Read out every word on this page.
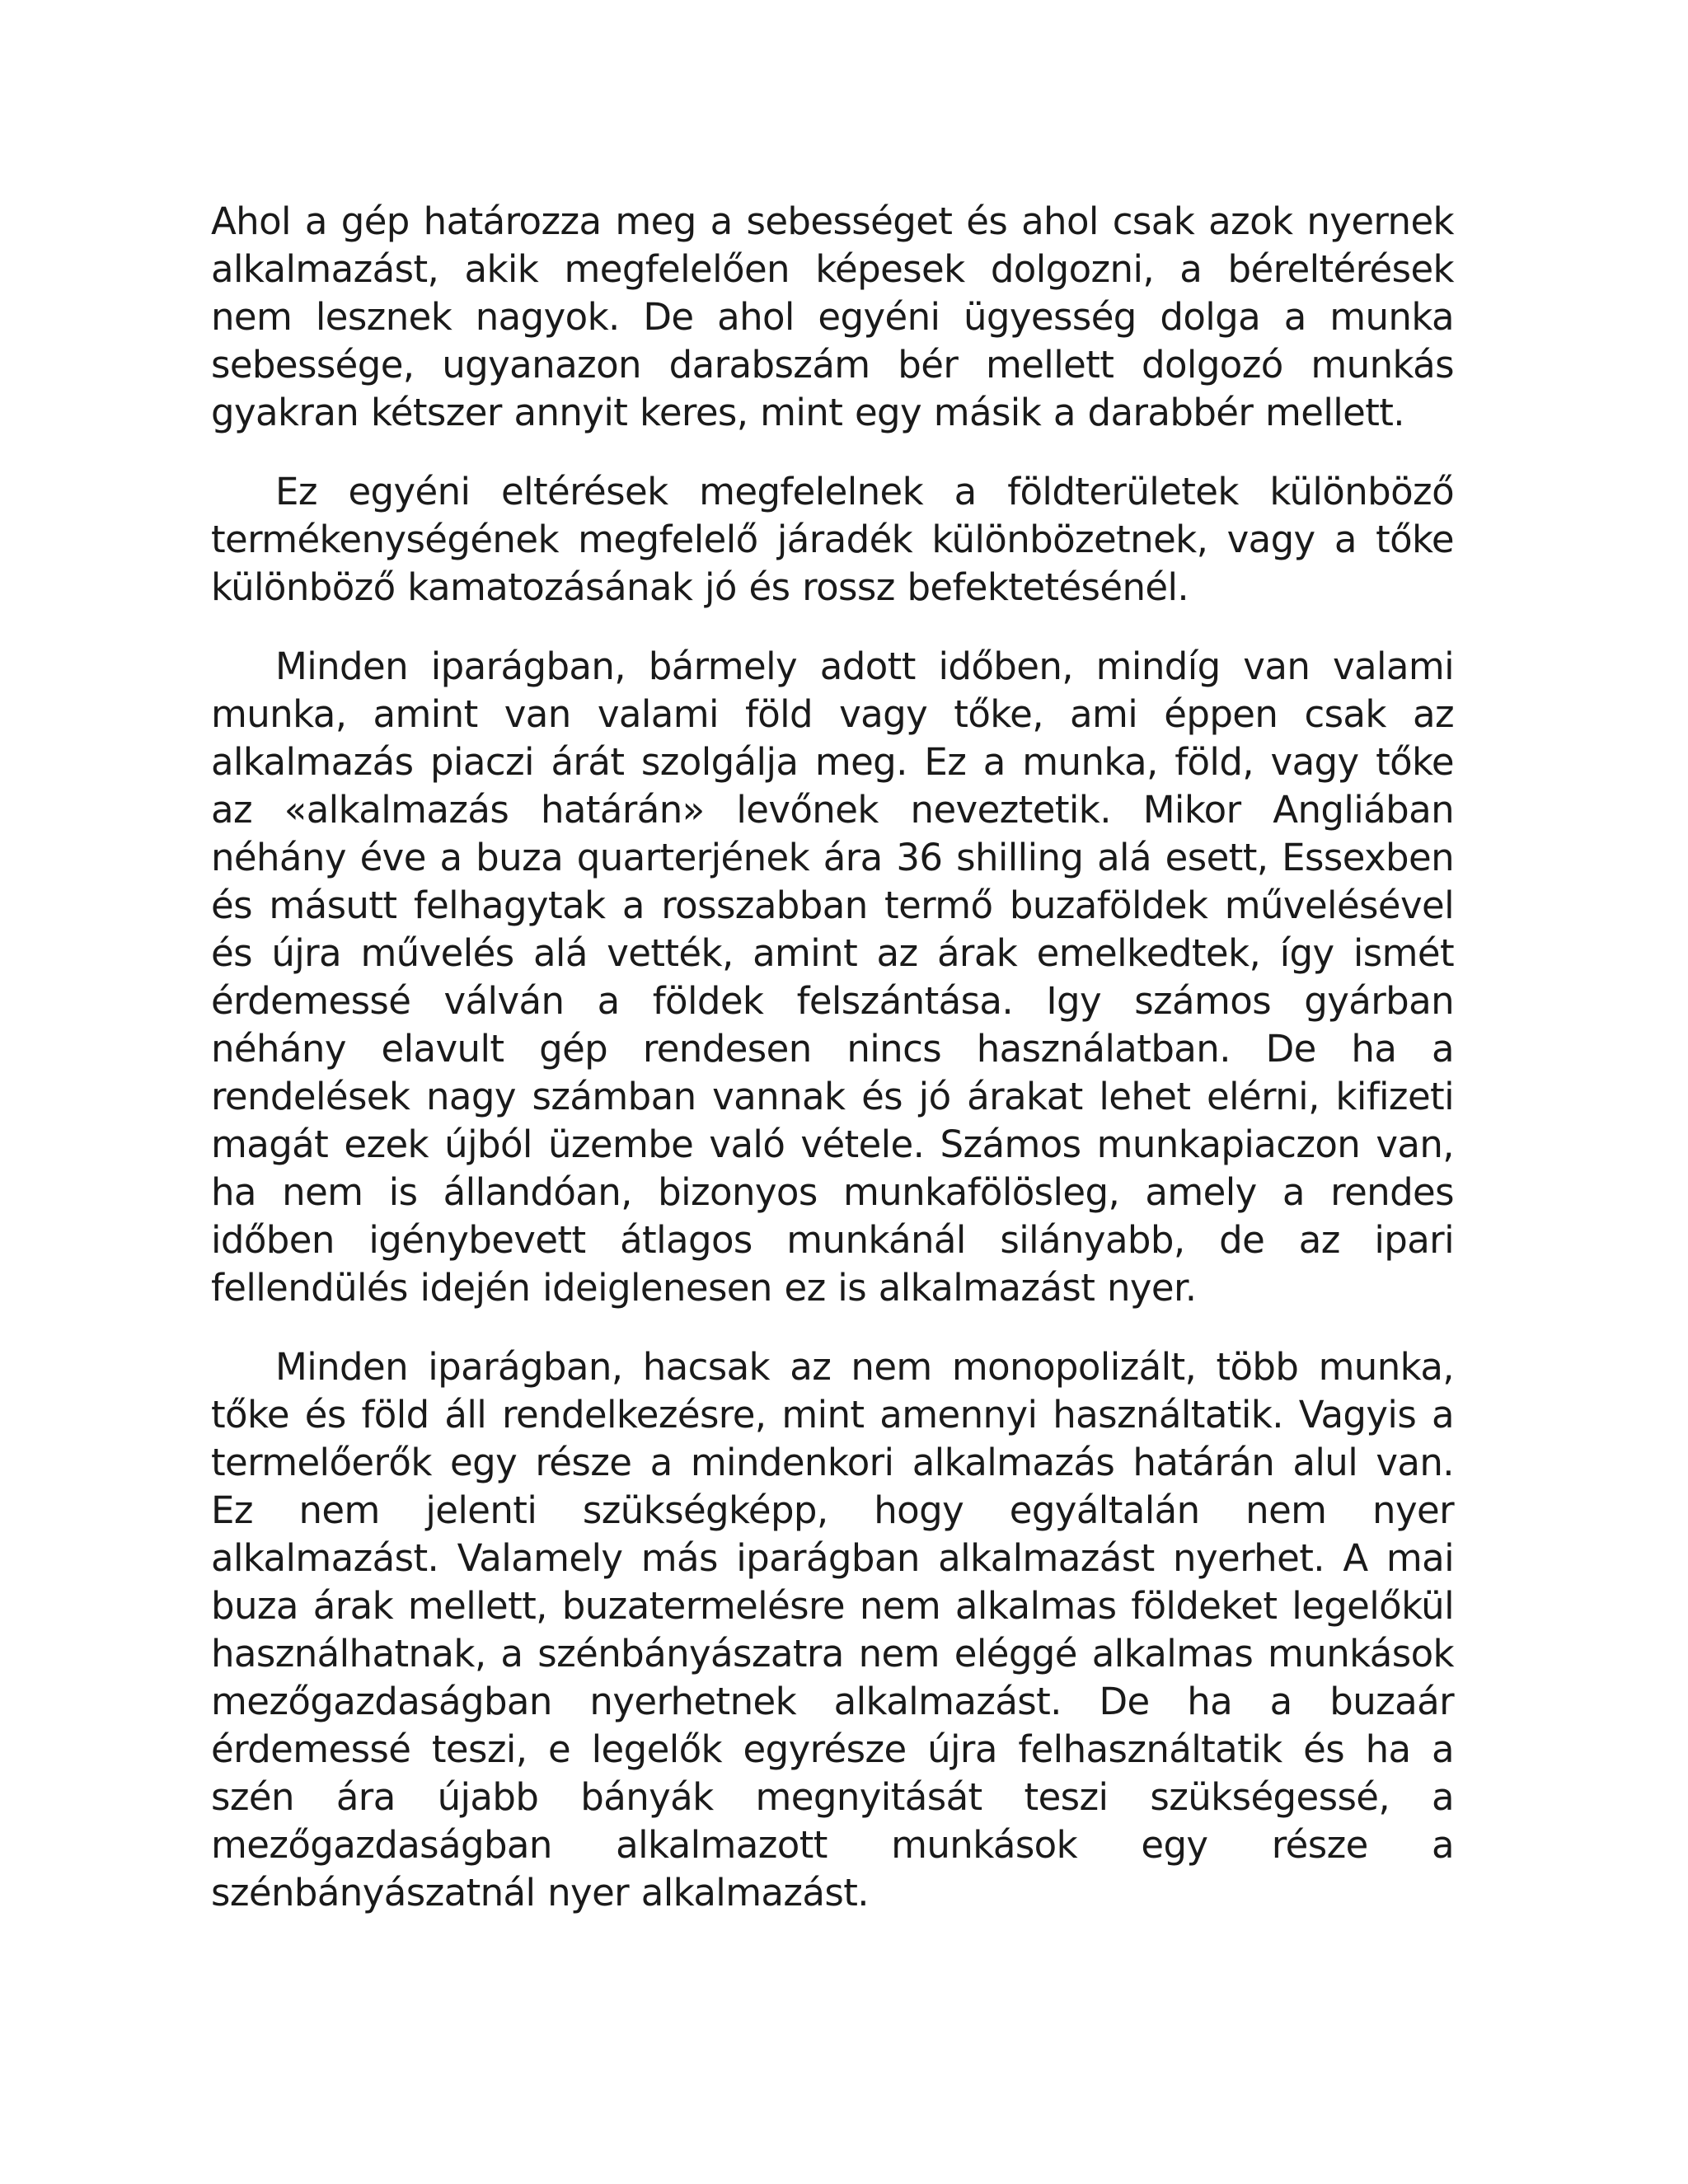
Ahol a gép határozza meg a sebességet és ahol csak azok nyernek alkalmazást, akik megfelelően képesek dolgozni, a béreltérések nem lesznek nagyok. De ahol egyéni ügyesség dolga a munka sebessége, ugyanazon darabszám bér mellett dolgozó munkás gyakran kétszer annyit keres, mint egy másik a darabbér mellett.

Ez egyéni eltérések megfelelnek a földterületek különböző termékenységének megfelelő járadék különbözetnek, vagy a tőke különböző kamatozásának jó és rossz befektetésénél.

Minden iparágban, bármely adott időben, mindíg van valami munka, amint van valami föld vagy tőke, ami éppen csak az alkalmazás piaczi árát szolgálja meg. Ez a munka, föld, vagy tőke az «alkalmazás határán» levőnek neveztetik. Mikor Angliában néhány éve a buza quarterjének ára 36 shilling alá esett, Essexben és másutt felhagytak a rosszabban termő buzaföldek művelésével és újra művelés alá vették, amint az árak emelkedtek, így ismét érdemessé válván a földek felszántása. Igy számos gyárban néhány elavult gép rendesen nincs használatban. De ha a rendelések nagy számban vannak és jó árakat lehet elérni, kifizeti magát ezek újból üzembe való vétele. Számos munkapiaczon van, ha nem is állandóan, bizonyos munkafölösleg, amely a rendes időben igénybevett átlagos munkánál silányabb, de az ipari fellendülés idején ideiglenesen ez is alkalmazást nyer.

Minden iparágban, hacsak az nem monopolizált, több munka, tőke és föld áll rendelkezésre, mint amennyi használtatik. Vagyis a termelőerők egy része a mindenkori alkalmazás határán alul van. Ez nem jelenti szükségképp, hogy egyáltalán nem nyer alkalmazást. Valamely más iparágban alkalmazást nyerhet. A mai buza árak mellett, buzatermelésre nem alkalmas földeket legelőkül használhatnak, a szénbányászatra nem eléggé alkalmas munkások mezőgazdaságban nyerhetnek alkalmazást. De ha a buzaár érdemessé teszi, e legelők egyrésze újra felhasználtatik és ha a szén ára újabb bányák megnyitását teszi szükségessé, a mezőgazdaságban alkalmazott munkások egy része a szénbányászatnál nyer alkalmazást.
